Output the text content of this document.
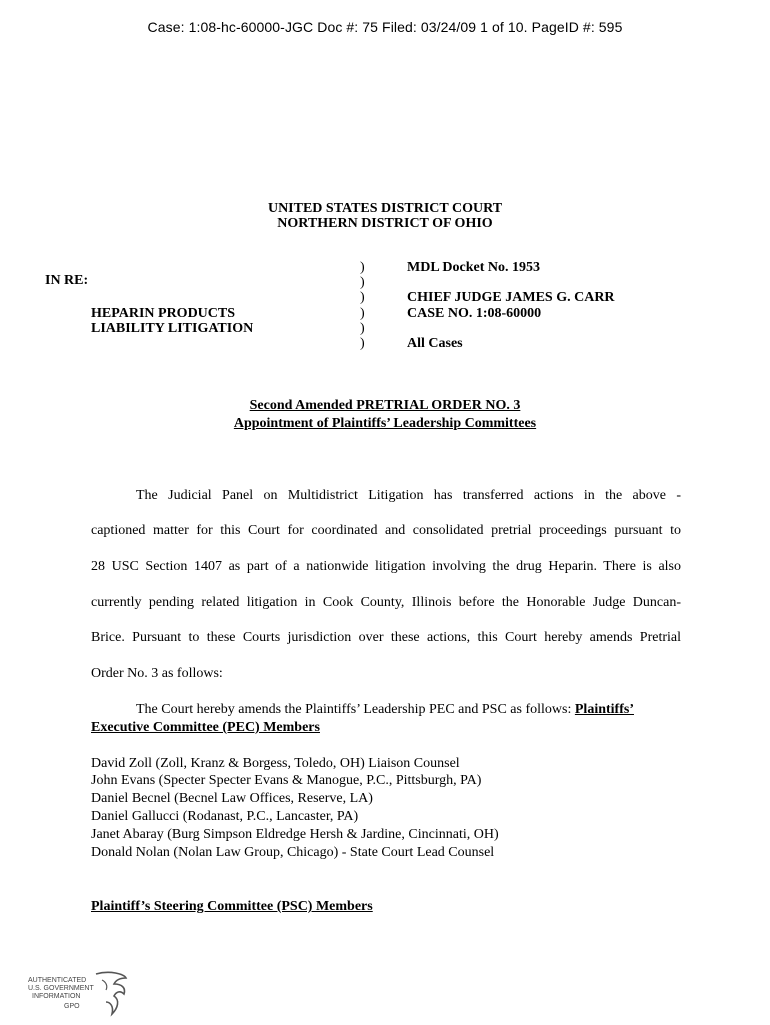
Case: 1:08-hc-60000-JGC Doc #: 75 Filed: 03/24/09 1 of 10. PageID #: 595
UNITED STATES DISTRICT COURT
NORTHERN DISTRICT OF OHIO
IN RE:
HEPARIN PRODUCTS
LIABILITY LITIGATION
)
)
)
)
)
)
MDL Docket No. 1953
CHIEF JUDGE JAMES G. CARR
CASE NO. 1:08-60000
All Cases
Second Amended PRETRIAL ORDER NO. 3
Appointment of Plaintiffs’ Leadership Committees
The Judicial Panel on Multidistrict Litigation has transferred actions in the above -
captioned matter for this Court for coordinated and consolidated pretrial proceedings pursuant to
28 USC Section 1407 as part of a nationwide litigation involving the drug Heparin. There is also
currently pending related litigation in Cook County, Illinois before the Honorable Judge Duncan-
Brice. Pursuant to these Courts jurisdiction over these actions, this Court hereby amends Pretrial
Order No. 3 as follows:
The Court hereby amends the Plaintiffs’ Leadership PEC and PSC as follows: Plaintiffs’
Executive Committee (PEC) Members
David Zoll (Zoll, Kranz & Borgess, Toledo, OH) Liaison Counsel
John Evans (Specter Specter Evans & Manogue, P.C., Pittsburgh, PA)
Daniel Becnel (Becnel Law Offices, Reserve, LA)
Daniel Gallucci (Rodanast, P.C., Lancaster, PA)
Janet Abaray (Burg Simpson Eldredge Hersh & Jardine, Cincinnati, OH)
Donald Nolan (Nolan Law Group, Chicago) - State Court Lead Counsel
Plaintiff’s Steering Committee (PSC) Members
AUTHENTICATED
U.S. GOVERNMENT
INFORMATION
GPO
